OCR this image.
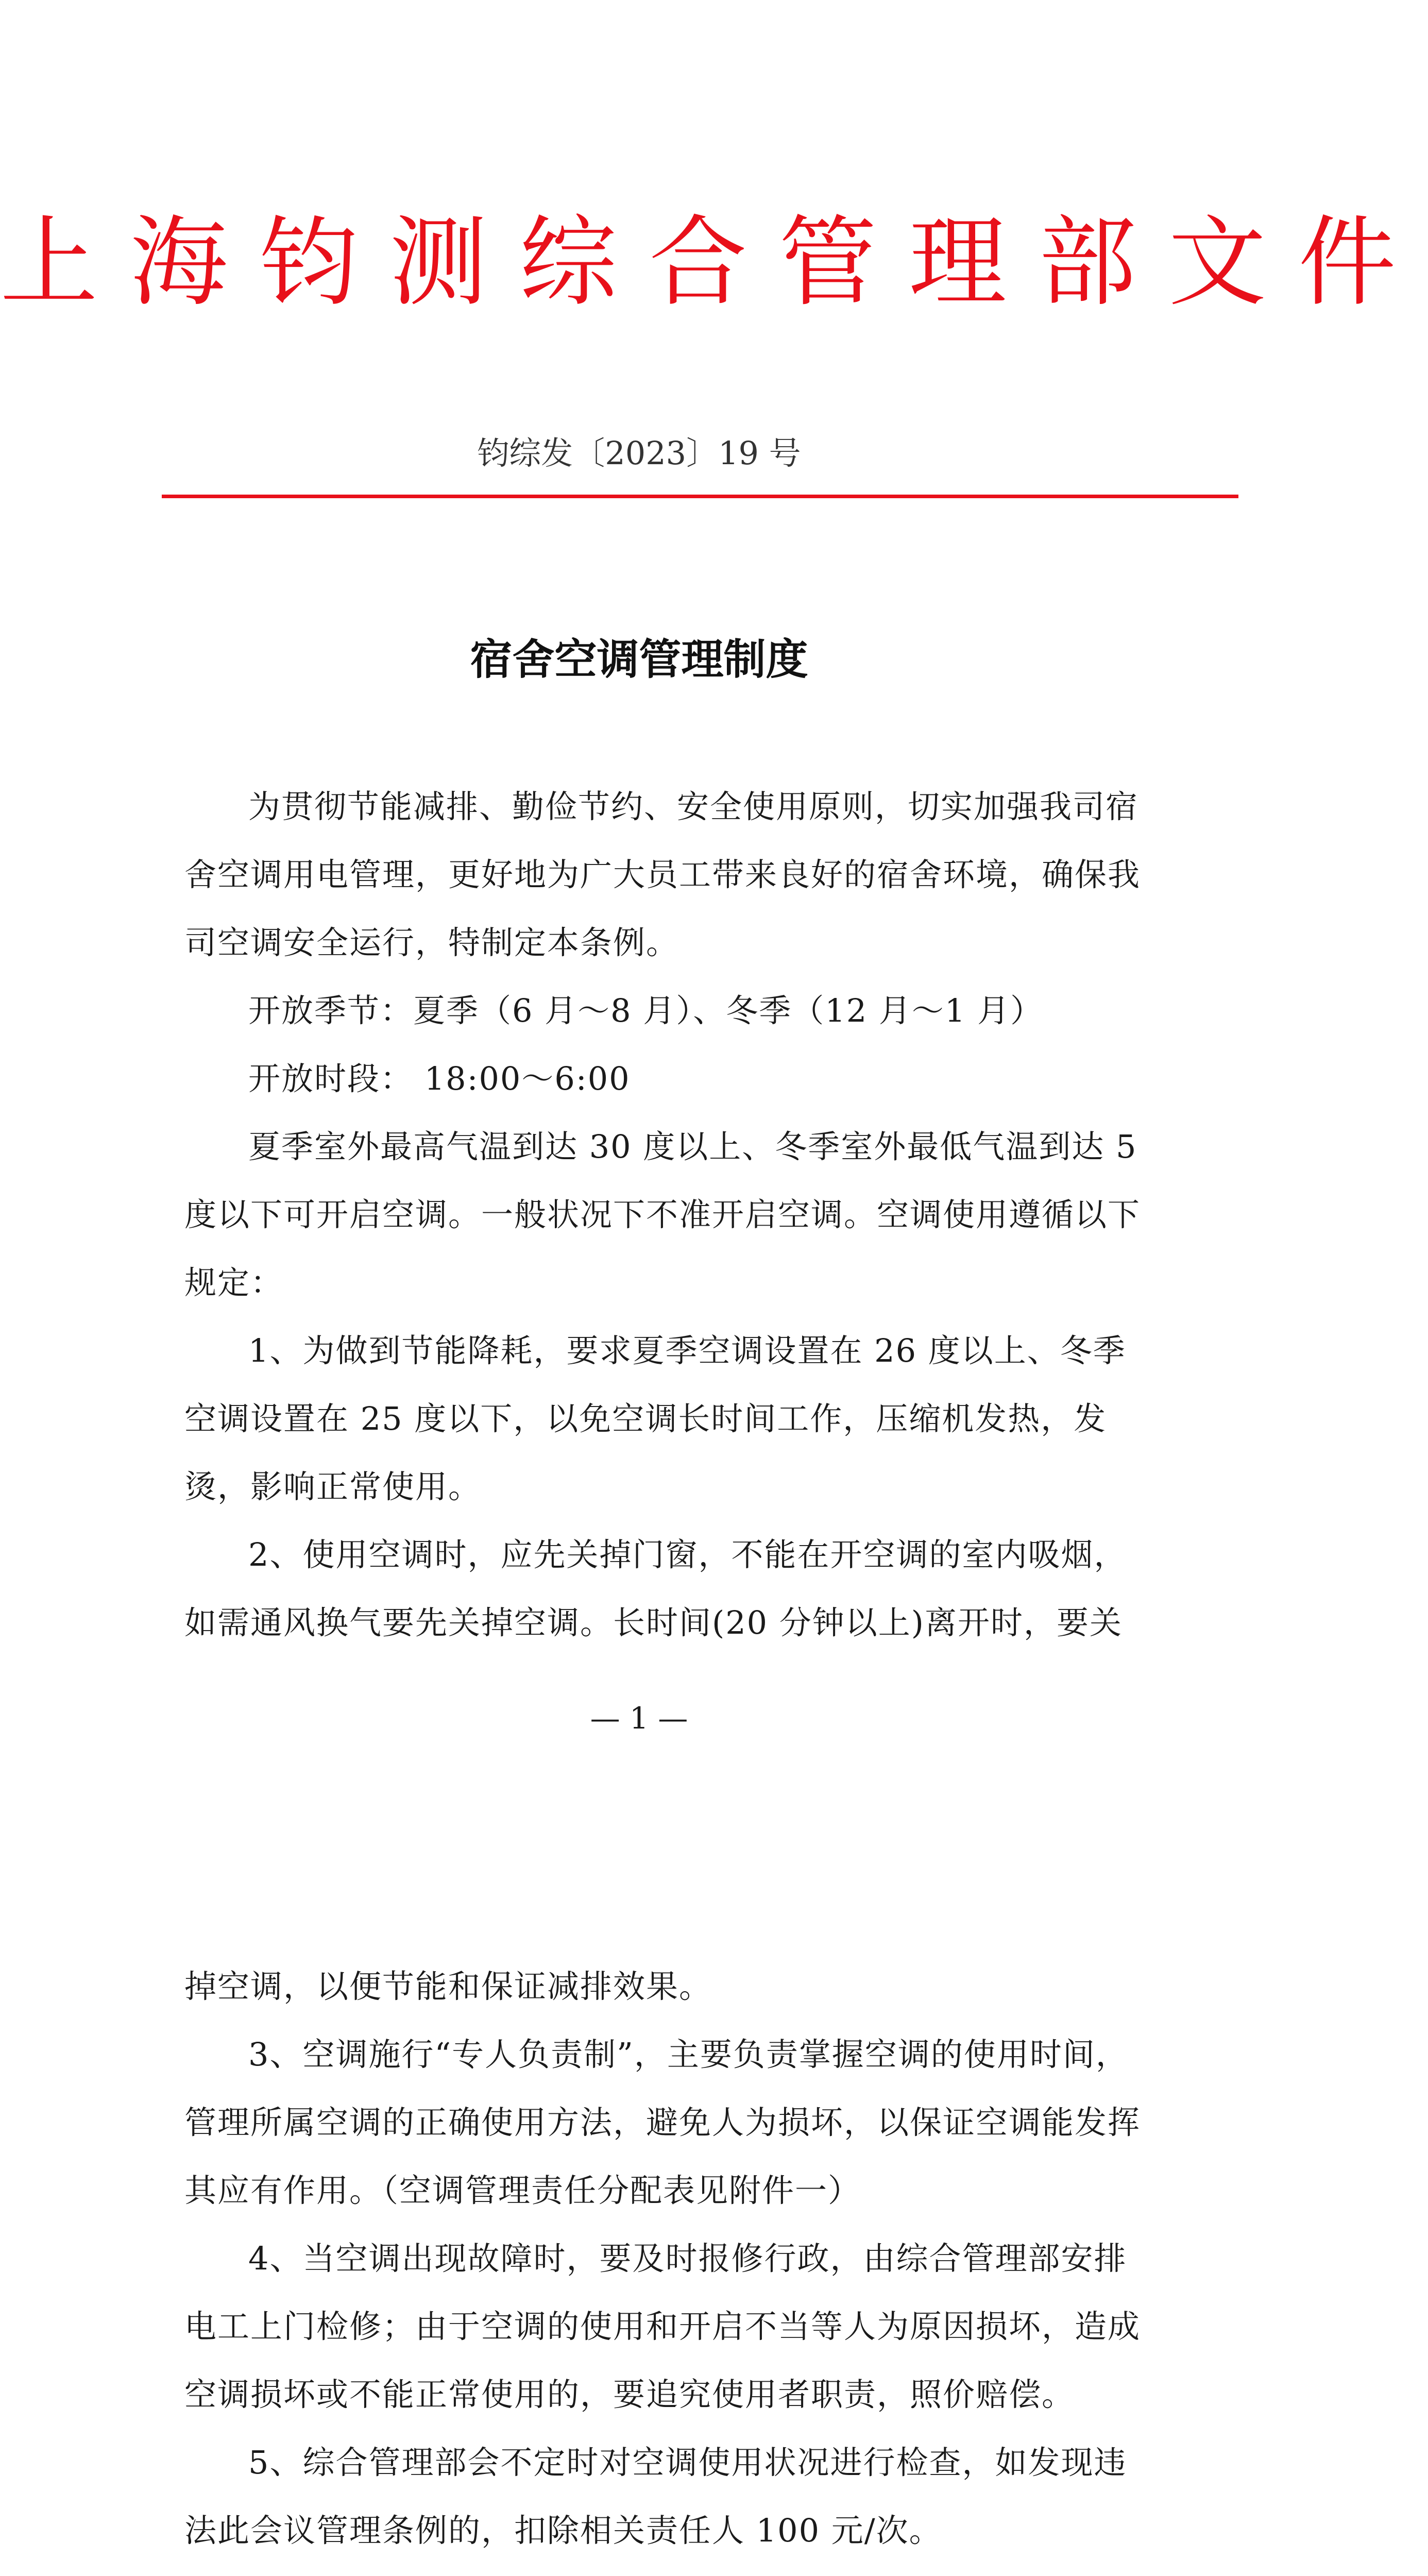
上海钧测综合管理部文件
钧综发〔2023〕19 号
宿舍空调管理制度

为贯彻节能减排、勤俭节约、安全使用原则，切实加强我司宿舍空调用电管理，更好地为广大员工带来良好的宿舍环境，确保我司空调安全运行，特制定本条例。

开放季节：夏季（6 月～8 月）、冬季（12 月～1 月）

开放时段： 18:00～6:00

夏季室外最高气温到达 30 度以上、冬季室外最低气温到达 5 度以下可开启空调。一般状况下不准开启空调。空调使用遵循以下规定：

1、为做到节能降耗，要求夏季空调设置在 26 度以上、冬季空调设置在 25 度以下，以免空调长时间工作，压缩机发热，发烫，影响正常使用。

2、使用空调时，应先关掉门窗，不能在开空调的室内吸烟，如需通风换气要先关掉空调。长时间(20 分钟以上)离开时，要关

— 1 —

掉空调，以便节能和保证减排效果。

3、空调施行“专人负责制”，主要负责掌握空调的使用时间，管理所属空调的正确使用方法，避免人为损坏，以保证空调能发挥其应有作用。（空调管理责任分配表见附件一）

4、当空调出现故障时，要及时报修行政，由综合管理部安排电工上门检修；由于空调的使用和开启不当等人为原因损坏，造成空调损坏或不能正常使用的，要追究使用者职责，照价赔偿。

5、综合管理部会不定时对空调使用状况进行检查，如发现违法此会议管理条例的，扣除相关责任人 100 元/次。
